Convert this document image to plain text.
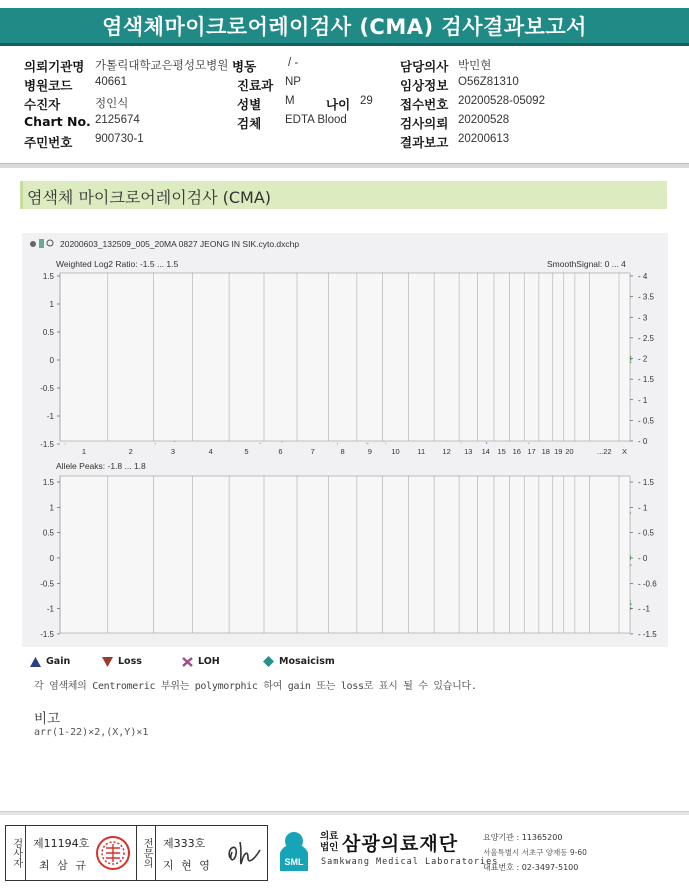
염색체마이크로어레이검사 (CMA) 검사결과보고서
의뢰기관명 가톨릭대학교은평성모병원 병동	/ -	담당의사 박민현
병원코드 40661	진료과 NP	임상정보 O56Z81310
수진자	정인식	성별 M	나이 29 접수번호 20200528-05092
Chart No. 2125674	검체 EDTA Blood	검사의뢰 20200528
주민번호 900730-1	결과보고 20200613
염색체 마이크로어레이검사 (CMA)
20200603_132509_005_20MA 0827 JEONG IN SIK.cyto.dxchp
Weighted Log2 Ratio: -1.5 ... 1.5	SmoothSignal: 0 ... 4
Allele Peaks: -1.8 ... 1.8
1.5
1
0.5
0
-0.5
-1
-1.5
- 4
- 3.5
- 3
- 2.5
- 2
- 1.5
- 1
- 0.5
- 0
1.5
1
0.5
0
-0.5
-1
-1.5
- 1.5
- 1
- 0.5
- 0
- -0.6
- -1
- -1.5
1	2	3	4	5	6	7	8	9	10 11 12 13 14 15 16 17 18 19 20	...22 X
Gain	Loss	LOH	Mosaicism
각 염색체의 Centromeric 부위는 polymorphic 하여 gain 또는 loss로 표시 될 수 있습니다.
비고
arr(1-22)×2,(X,Y)×1
검사자 제11194호
최 삼 규	전문의 제333호
지 현 영	SML
의료법인 삼광의료재단
Samkwang Medical Laboratories
요양기관 : 11365200
서울특별시 서초구 양재동 9-60
대표번호 : 02-3497-5100
